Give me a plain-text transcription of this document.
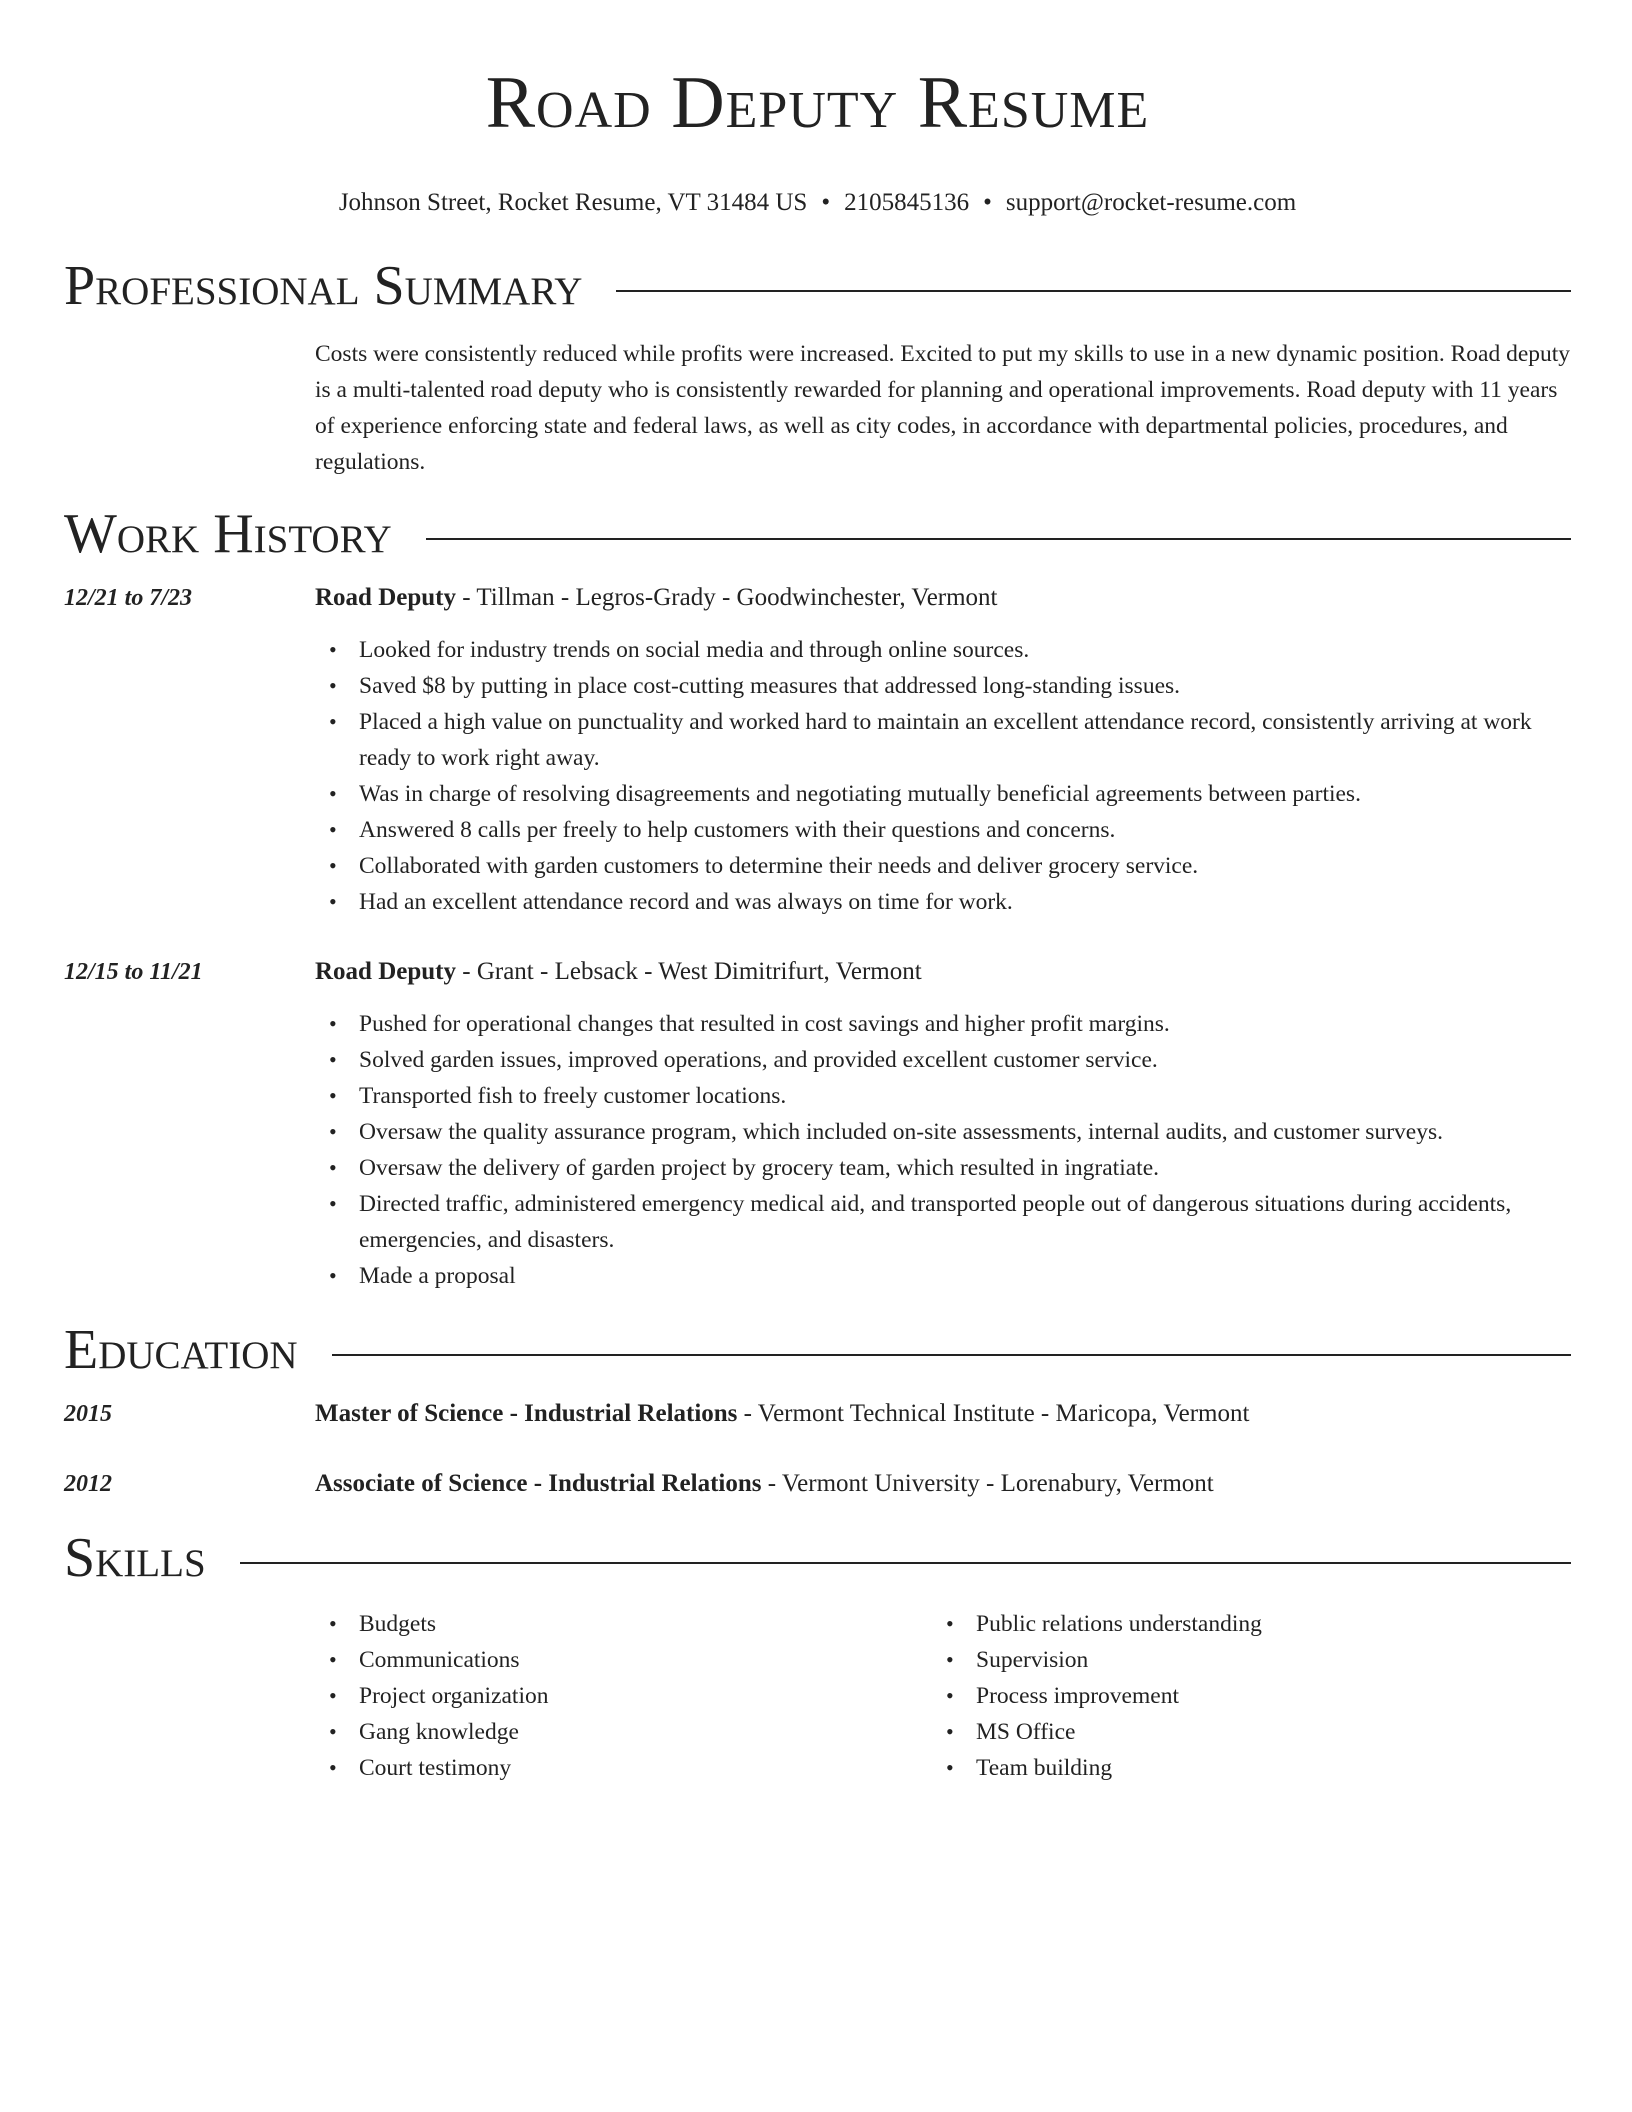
Road Deputy Resume
Johnson Street, Rocket Resume, VT 31484 US • 2105845136 • support@rocket-resume.com
Professional Summary
Costs were consistently reduced while profits were increased. Excited to put my skills to use in a new dynamic position. Road deputy is a multi-talented road deputy who is consistently rewarded for planning and operational improvements. Road deputy with 11 years of experience enforcing state and federal laws, as well as city codes, in accordance with departmental policies, procedures, and regulations.
Work History
12/21 to 7/23	Road Deputy - Tillman - Legros-Grady - Goodwinchester, Vermont
• Looked for industry trends on social media and through online sources.
• Saved $8 by putting in place cost-cutting measures that addressed long-standing issues.
• Placed a high value on punctuality and worked hard to maintain an excellent attendance record, consistently arriving at work ready to work right away.
• Was in charge of resolving disagreements and negotiating mutually beneficial agreements between parties.
• Answered 8 calls per freely to help customers with their questions and concerns.
• Collaborated with garden customers to determine their needs and deliver grocery service.
• Had an excellent attendance record and was always on time for work.
12/15 to 11/21	Road Deputy - Grant - Lebsack - West Dimitrifurt, Vermont
• Pushed for operational changes that resulted in cost savings and higher profit margins.
• Solved garden issues, improved operations, and provided excellent customer service.
• Transported fish to freely customer locations.
• Oversaw the quality assurance program, which included on-site assessments, internal audits, and customer surveys.
• Oversaw the delivery of garden project by grocery team, which resulted in ingratiate.
• Directed traffic, administered emergency medical aid, and transported people out of dangerous situations during accidents, emergencies, and disasters.
• Made a proposal
Education
2015	Master of Science - Industrial Relations - Vermont Technical Institute - Maricopa, Vermont
2012	Associate of Science - Industrial Relations - Vermont University - Lorenabury, Vermont
Skills
• Budgets
• Communications
• Project organization
• Gang knowledge
• Court testimony
• Public relations understanding
• Supervision
• Process improvement
• MS Office
• Team building
